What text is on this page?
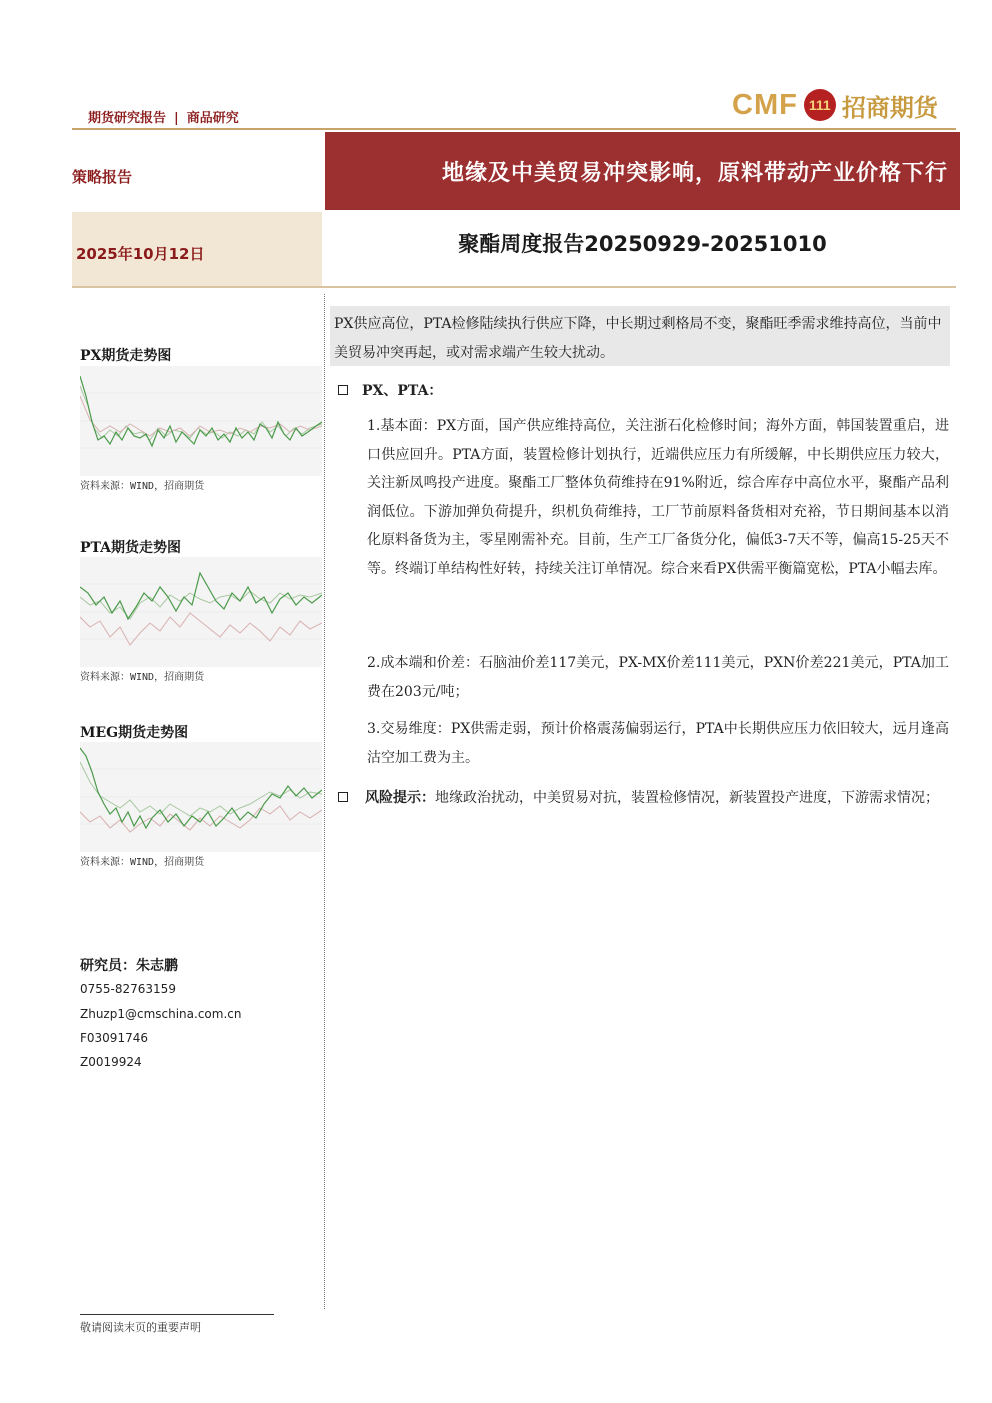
期货研究报告 | 商品研究	CMF 111 招商期货
策略报告	地缘及中美贸易冲突影响，原料带动产业价格下行
2025年10月12日	聚酯周度报告20250929-20251010
PX期货走势图
资料来源：WIND，招商期货
PTA期货走势图
资料来源：WIND，招商期货
MEG期货走势图
资料来源：WIND，招商期货
研究员：朱志鹏
0755-82763159
Zhuzp1@cmschina.com.cn
F03091746
Z0019924
敬请阅读末页的重要声明
PX供应高位，PTA检修陆续执行供应下降，中长期过剩格局不变，聚酯旺季需求维持高位，当前中美贸易冲突再起，或对需求端产生较大扰动。
PX、PTA：
1.基本面：PX方面，国产供应维持高位，关注浙石化检修时间；海外方面，韩国装置重启，进口供应回升。PTA方面，装置检修计划执行，近端供应压力有所缓解，中长期供应压力较大，关注新凤鸣投产进度。聚酯工厂整体负荷维持在91%附近，综合库存中高位水平，聚酯产品利润低位。下游加弹负荷提升，织机负荷维持，工厂节前原料备货相对充裕，节日期间基本以消化原料备货为主，零星刚需补充。目前，生产工厂备货分化，偏低3-7天不等，偏高15-25天不等。终端订单结构性好转，持续关注订单情况。综合来看PX供需平衡篇宽松，PTA小幅去库。
2.成本端和价差：石脑油价差117美元，PX-MX价差111美元，PXN价差221美元，PTA加工费在203元/吨；
3.交易维度：PX供需走弱，预计价格震荡偏弱运行，PTA中长期供应压力依旧较大，远月逢高沽空加工费为主。
风险提示：地缘政治扰动，中美贸易对抗，装置检修情况，新装置投产进度，下游需求情况；
